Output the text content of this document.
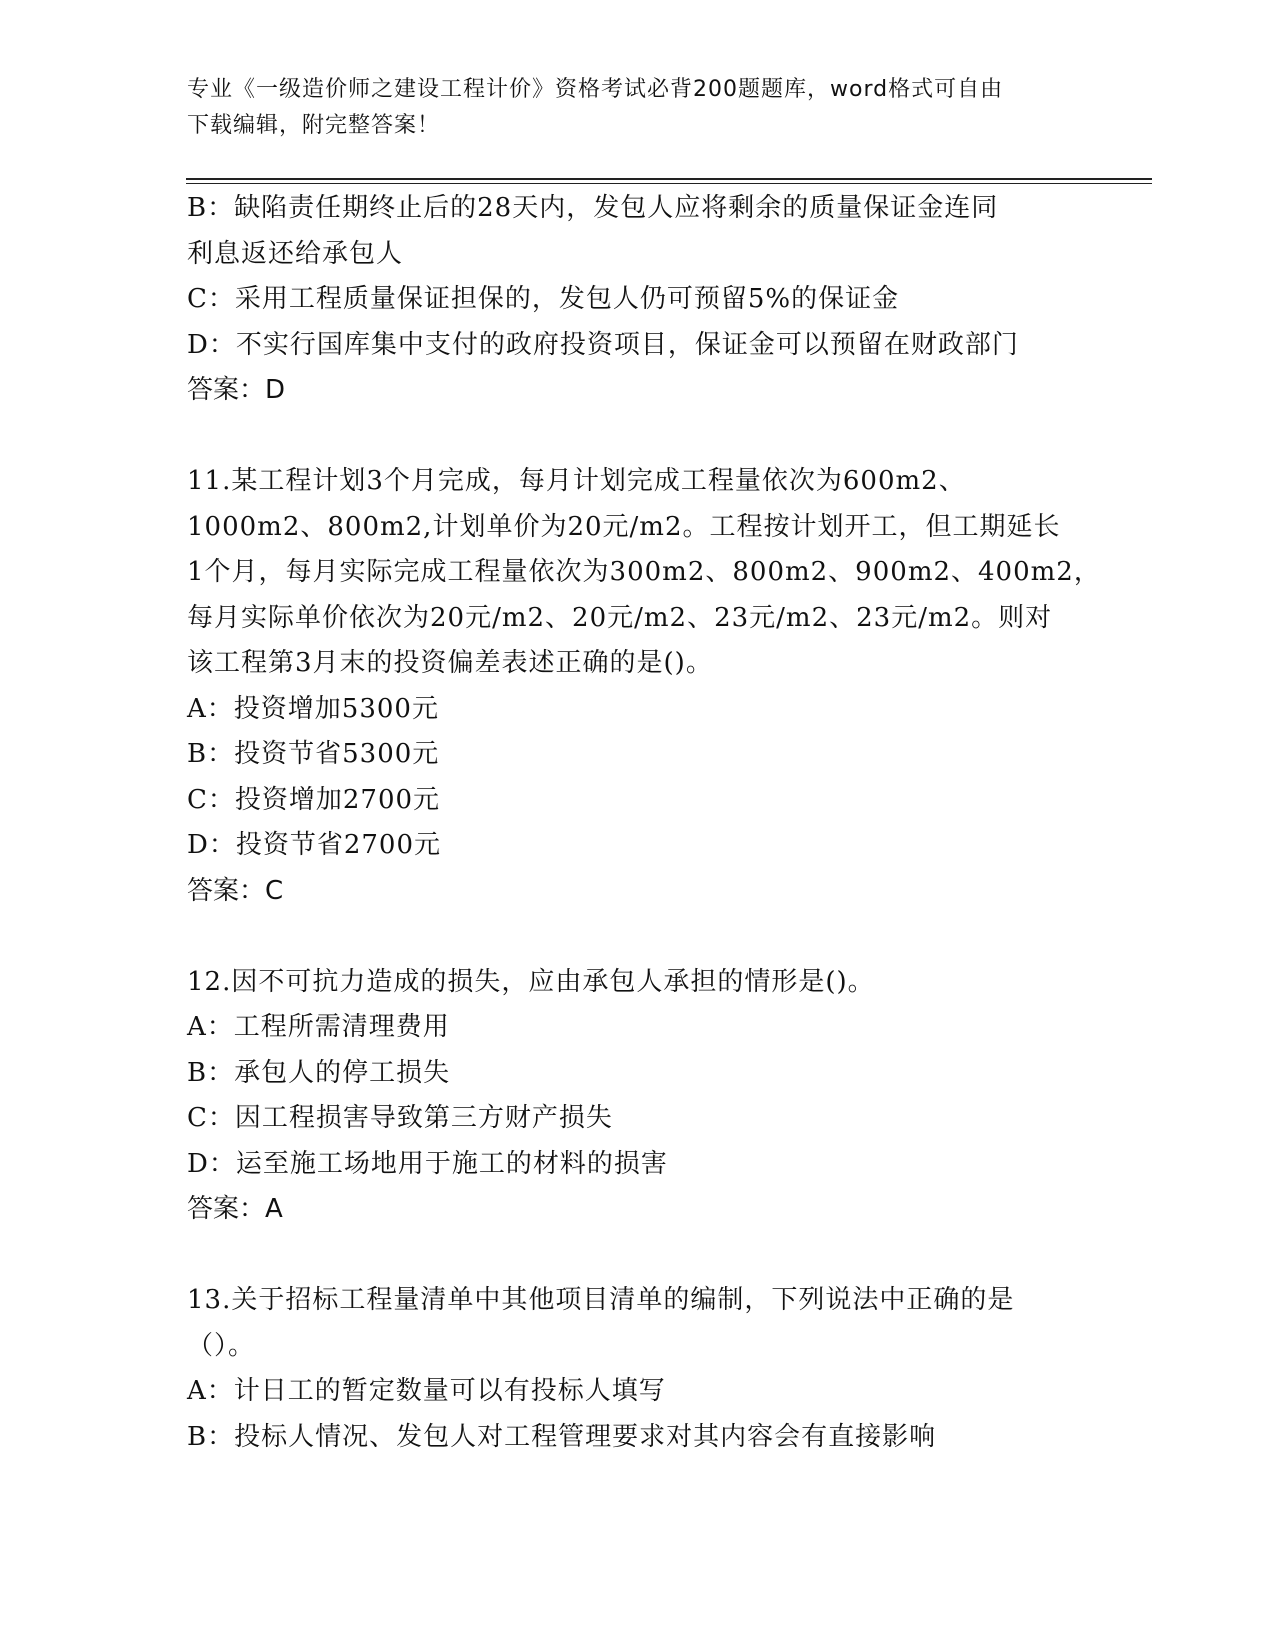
专业《一级造价师之建设工程计价》资格考试必背200题题库，word格式可自由
下载编辑，附完整答案！
B：缺陷责任期终止后的28天内，发包人应将剩余的质量保证金连同
利息返还给承包人
C：采用工程质量保证担保的，发包人仍可预留5%的保证金
D：不实行国库集中支付的政府投资项目，保证金可以预留在财政部门
答案：D
11.某工程计划3个月完成，每月计划完成工程量依次为600m2、
1000m2、800m2,计划单价为20元/m2。工程按计划开工，但工期延长
1个月，每月实际完成工程量依次为300m2、800m2、900m2、400m2，
每月实际单价依次为20元/m2、20元/m2、23元/m2、23元/m2。则对
该工程第3月末的投资偏差表述正确的是()。
A：投资增加5300元
B：投资节省5300元
C：投资增加2700元
D：投资节省2700元
答案：C
12.因不可抗力造成的损失，应由承包人承担的情形是()。
A：工程所需清理费用
B：承包人的停工损失
C：因工程损害导致第三方财产损失
D：运至施工场地用于施工的材料的损害
答案：A
13.关于招标工程量清单中其他项目清单的编制，下列说法中正确的是
（）。
A：计日工的暂定数量可以有投标人填写
B：投标人情况、发包人对工程管理要求对其内容会有直接影响
